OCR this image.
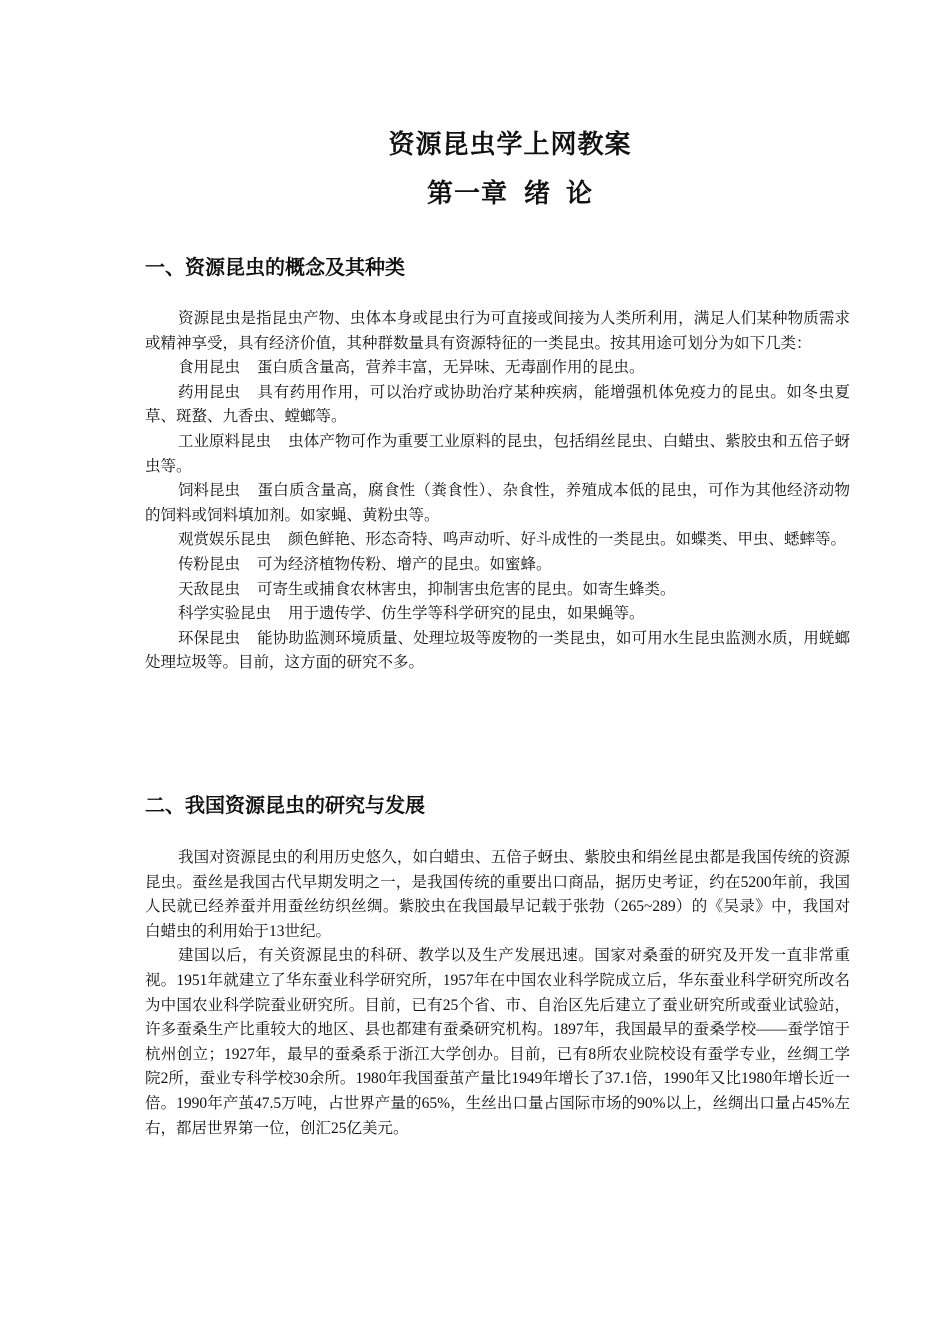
资源昆虫学上网教案
第一章 绪  论
一、资源昆虫的概念及其种类

资源昆虫是指昆虫产物、虫体本身或昆虫行为可直接或间接为人类所利用，满足人们某种物质需求或精神享受，具有经济价值，其种群数量具有资源特征的一类昆虫。按其用途可划分为如下几类：

食用昆虫 蛋白质含量高，营养丰富，无异味、无毒副作用的昆虫。

药用昆虫 具有药用作用，可以治疗或协助治疗某种疾病，能增强机体免疫力的昆虫。如冬虫夏草、斑蝥、九香虫、螳螂等。

工业原料昆虫 虫体产物可作为重要工业原料的昆虫，包括绢丝昆虫、白蜡虫、紫胶虫和五倍子蚜虫等。

饲料昆虫 蛋白质含量高，腐食性（粪食性）、杂食性，养殖成本低的昆虫，可作为其他经济动物的饲料或饲料填加剂。如家蝇、黄粉虫等。

观赏娱乐昆虫 颜色鲜艳、形态奇特、鸣声动听、好斗成性的一类昆虫。如蝶类、甲虫、蟋蟀等。

传粉昆虫 可为经济植物传粉、增产的昆虫。如蜜蜂。

天敌昆虫 可寄生或捕食农林害虫，抑制害虫危害的昆虫。如寄生蜂类。

科学实验昆虫 用于遗传学、仿生学等科学研究的昆虫，如果蝇等。

环保昆虫 能协助监测环境质量、处理垃圾等废物的一类昆虫，如可用水生昆虫监测水质，用蜣螂处理垃圾等。目前，这方面的研究不多。

二、我国资源昆虫的研究与发展

我国对资源昆虫的利用历史悠久，如白蜡虫、五倍子蚜虫、紫胶虫和绢丝昆虫都是我国传统的资源昆虫。蚕丝是我国古代早期发明之一，是我国传统的重要出口商品，据历史考证，约在5200年前，我国人民就已经养蚕并用蚕丝纺织丝绸。紫胶虫在我国最早记载于张勃（265~289）的《吴录》中，我国对白蜡虫的利用始于13世纪。

建国以后，有关资源昆虫的科研、教学以及生产发展迅速。国家对桑蚕的研究及开发一直非常重视。1951年就建立了华东蚕业科学研究所，1957年在中国农业科学院成立后，华东蚕业科学研究所改名为中国农业科学院蚕业研究所。目前，已有25个省、市、自治区先后建立了蚕业研究所或蚕业试验站，许多蚕桑生产比重较大的地区、县也都建有蚕桑研究机构。1897年，我国最早的蚕桑学校——蚕学馆于杭州创立；1927年，最早的蚕桑系于浙江大学创办。目前，已有8所农业院校设有蚕学专业，丝绸工学院2所，蚕业专科学校30余所。1980年我国蚕茧产量比1949年增长了37.1倍，1990年又比1980年增长近一倍。1990年产茧47.5万吨，占世界产量的65%，生丝出口量占国际市场的90%以上，丝绸出口量占45%左右，都居世界第一位，创汇25亿美元。
